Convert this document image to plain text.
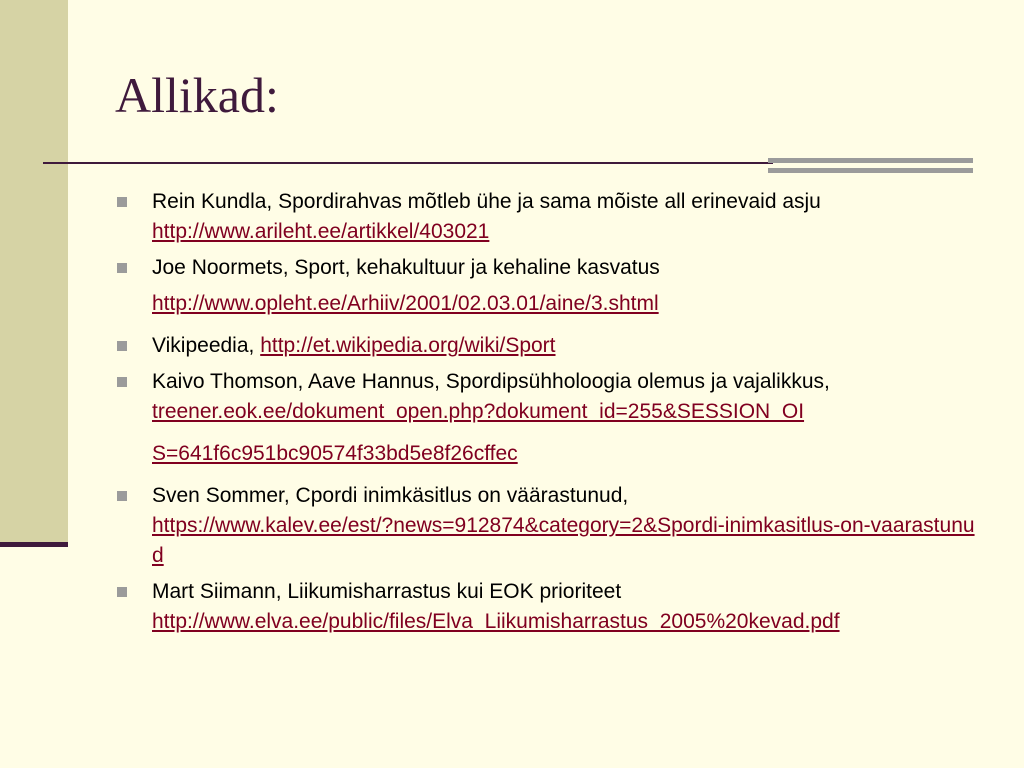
Allikad:
Rein Kundla, Spordirahvas mõtleb ühe ja sama mõiste all erinevaid asju http://www.arileht.ee/artikkel/403021
Joe Noormets, Sport, kehakultuur ja kehaline kasvatus
http://www.opleht.ee/Arhiiv/2001/02.03.01/aine/3.shtml
Vikipeedia, http://et.wikipedia.org/wiki/Sport
Kaivo Thomson, Aave Hannus, Spordipsühholoogia olemus ja vajalikkus,
treener.eok.ee/dokument_open.php?dokument_id=255&SESSION_OI
S=641f6c951bc90574f33bd5e8f26cffec
Sven Sommer, Cpordi inimkäsitlus on väärastunud,
https://www.kalev.ee/est/?news=912874&category=2&Spordi-inimkasitlus-on-vaarastunud
Mart Siimann, Liikumisharrastus kui EOK prioriteet
http://www.elva.ee/public/files/Elva_Liikumisharrastus_2005%20kevad.pdf
